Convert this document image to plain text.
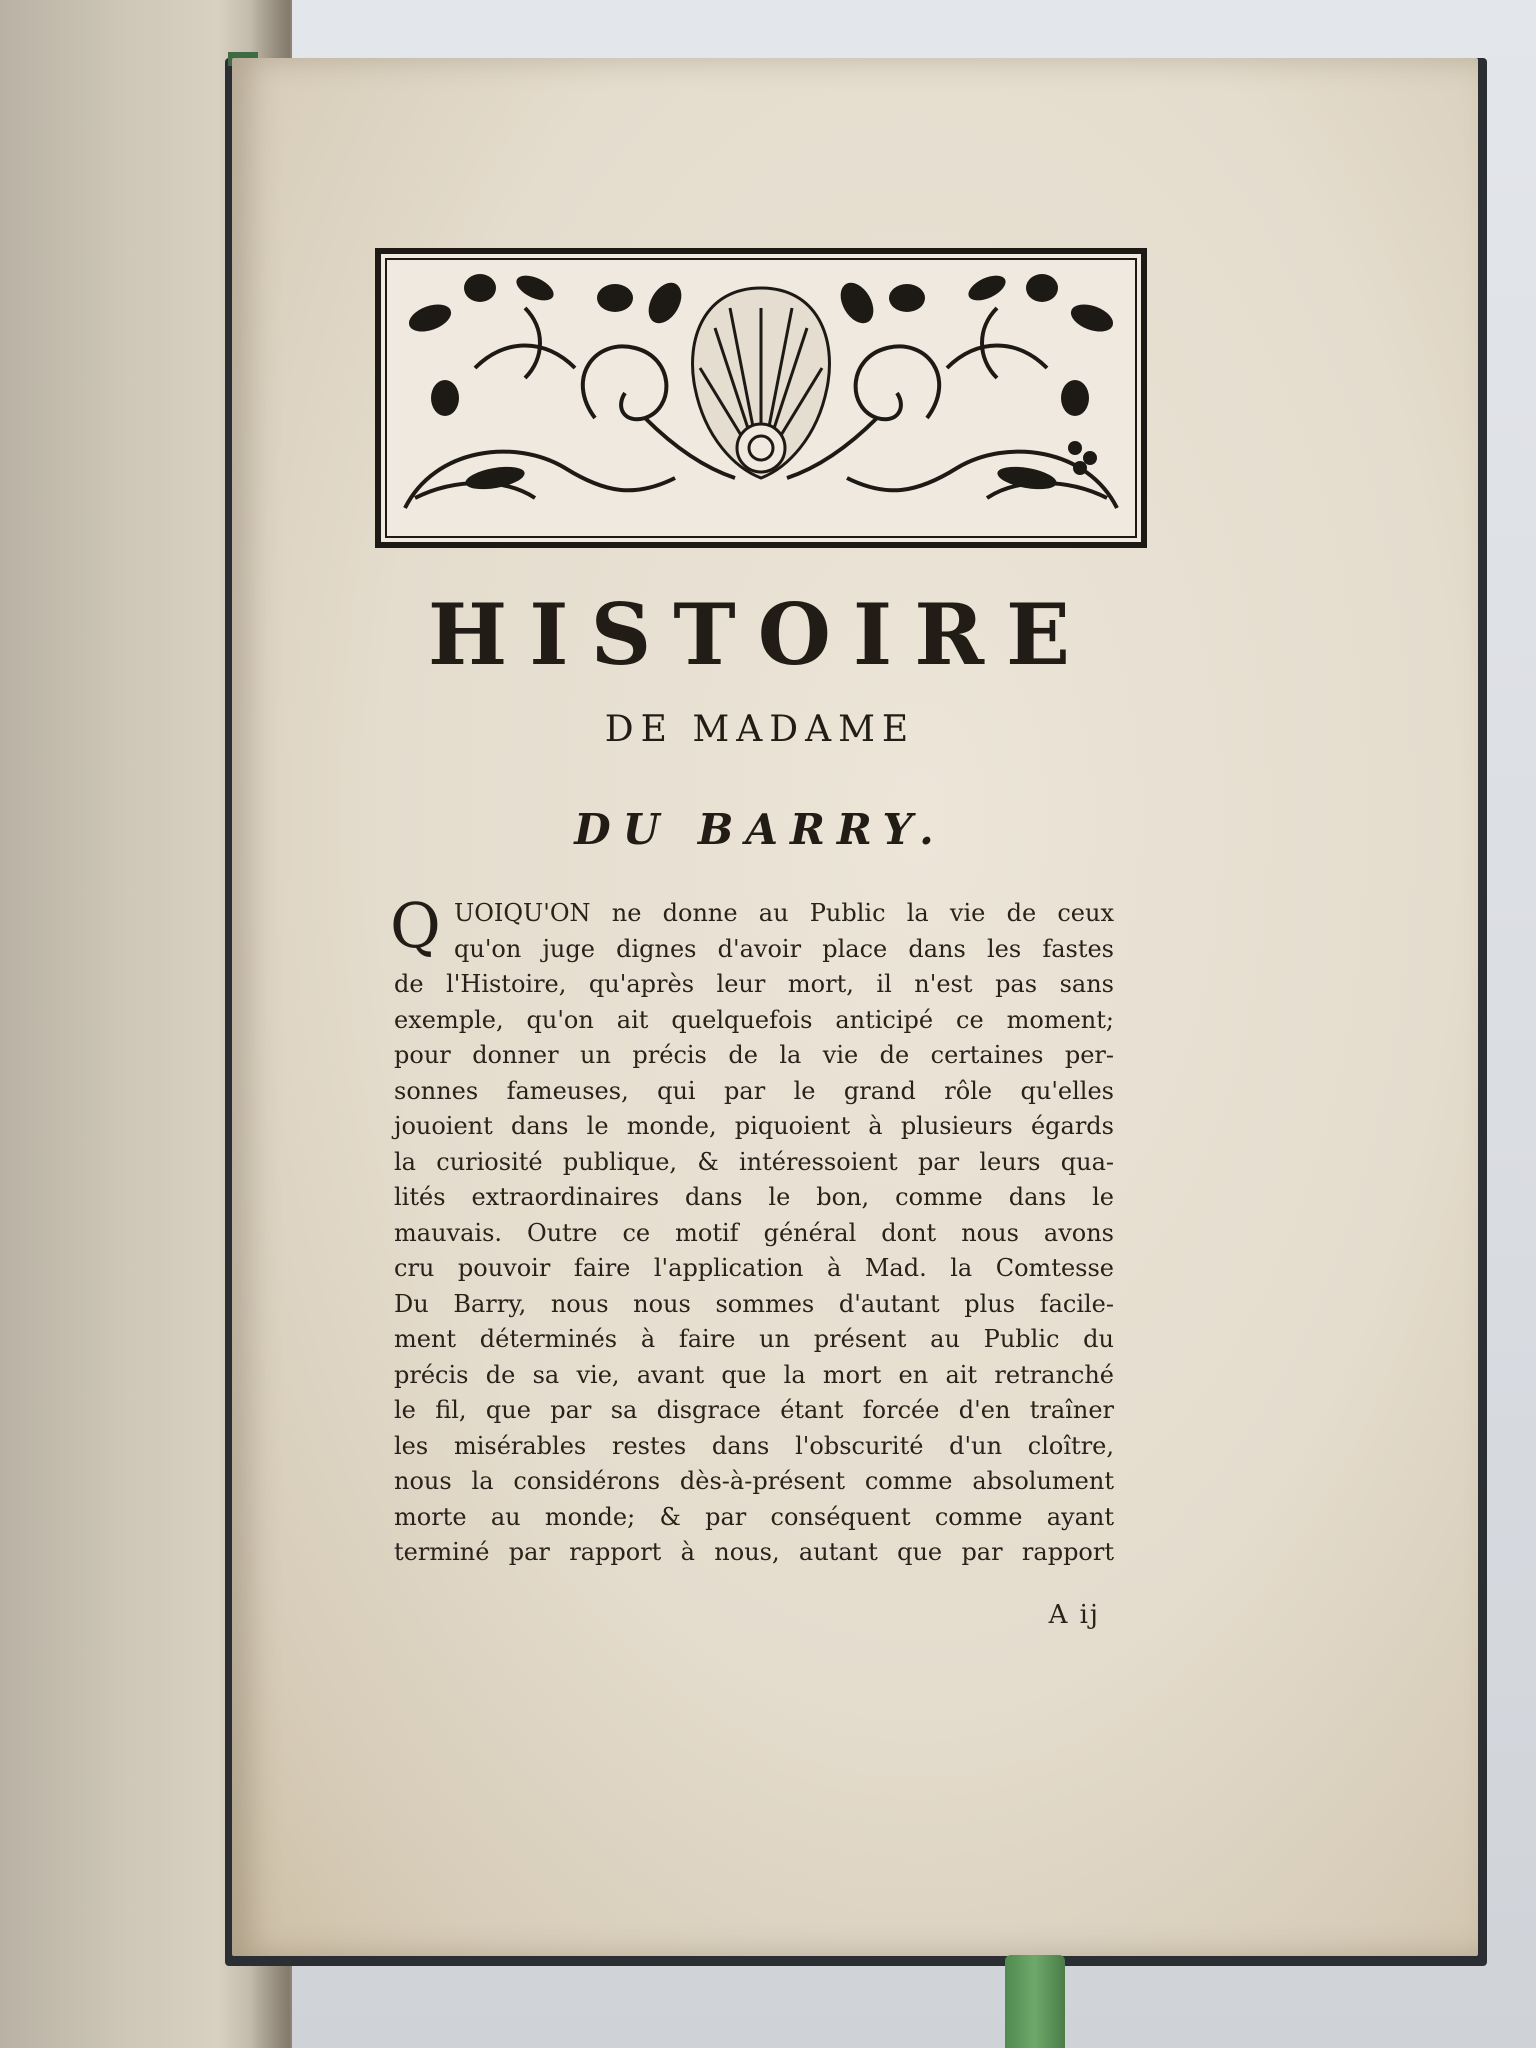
HISTOIRE
DE MADAME
DU BARRY.
Q UOIQU'ON ne donne au Public la vie de ceux
qu'on juge dignes d'avoir place dans les fastes
de l'Histoire, qu'après leur mort, il n'est pas sans
exemple, qu'on ait quelquefois anticipé ce moment;
pour donner un précis de la vie de certaines per-
sonnes fameuses, qui par le grand rôle qu'elles
jouoient dans le monde, piquoient à plusieurs égards
la curiosité publique, & intéressoient par leurs qua-
lités extraordinaires dans le bon, comme dans le
mauvais. Outre ce motif général dont nous avons
cru pouvoir faire l'application à Mad. la Comtesse
Du Barry, nous nous sommes d'autant plus facile-
ment déterminés à faire un présent au Public du
précis de sa vie, avant que la mort en ait retranché
le fil, que par sa disgrace étant forcée d'en traîner
les misérables restes dans l'obscurité d'un cloître,
nous la considérons dès-à-présent comme absolument
morte au monde; & par conséquent comme ayant
terminé par rapport à nous, autant que par rapport
A ij
